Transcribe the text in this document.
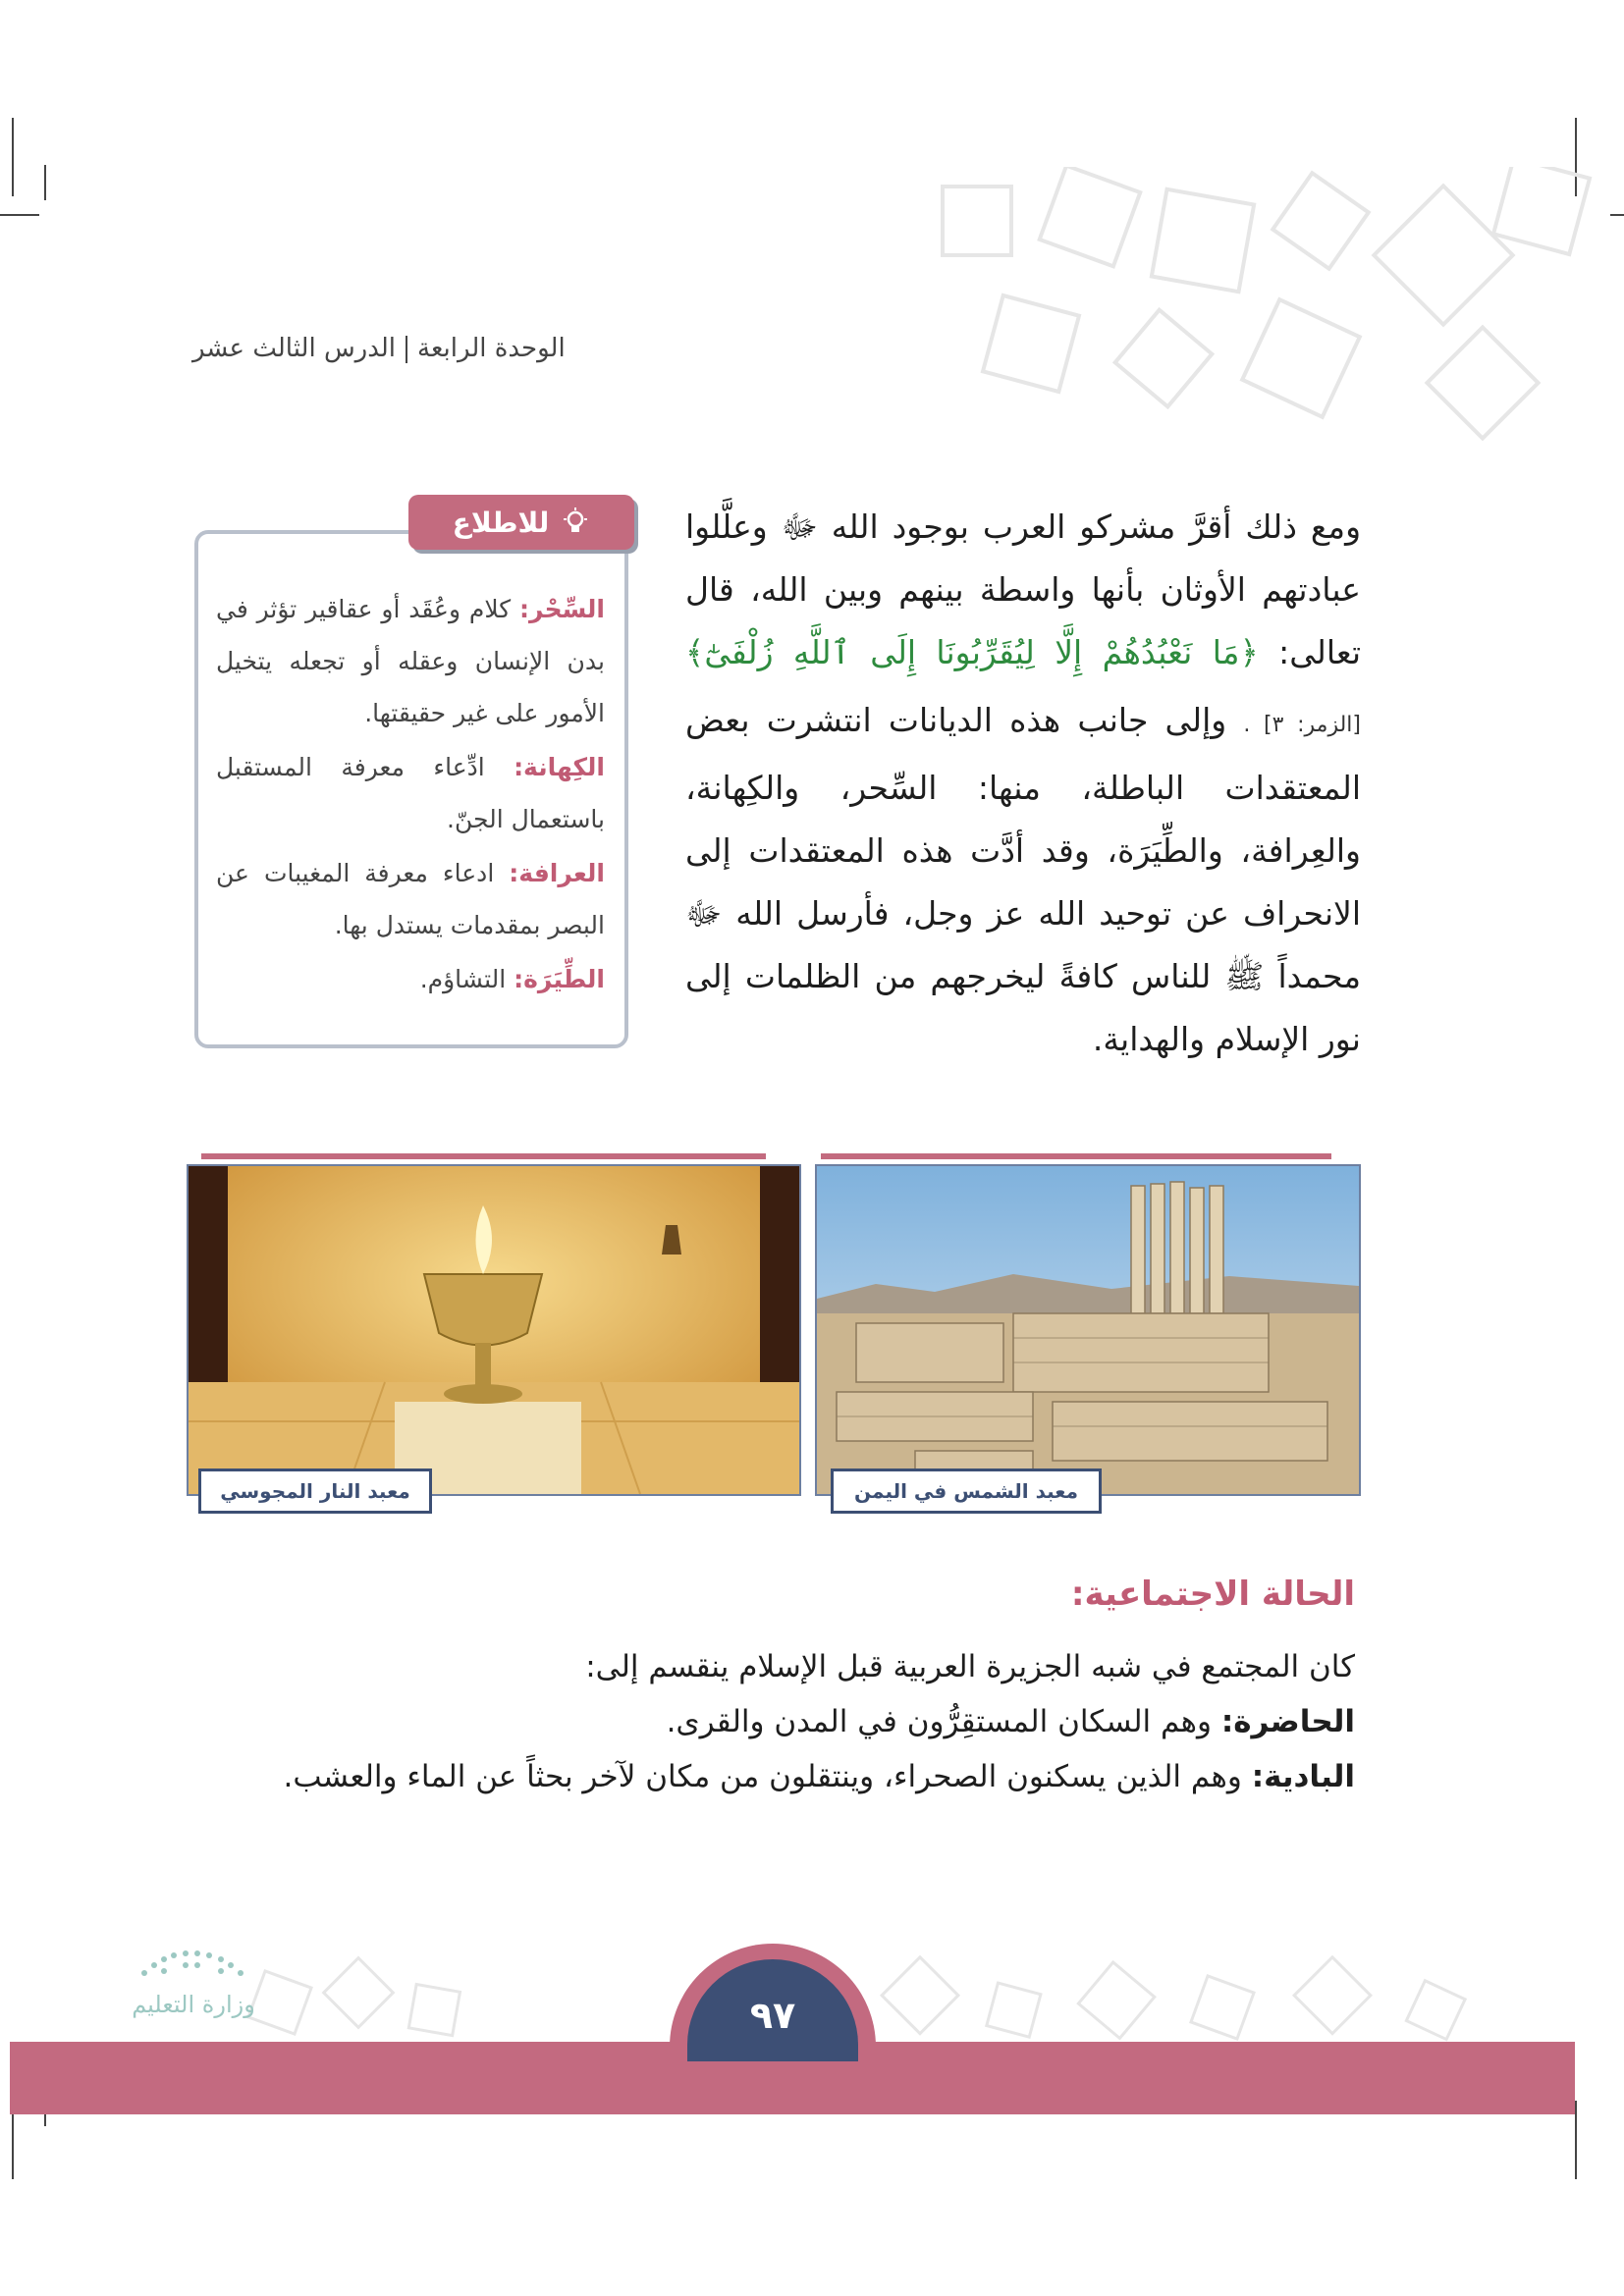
الوحدة الرابعةالدرس الثالث عشر
ومع ذلك أقرَّ مشركو العرب بوجود الله ﷻ وعلَّلوا عبادتهم الأوثان بأنها واسطة بينهم وبين الله، قال تعالى: ﴿مَا نَعْبُدُهُمْ إِلَّا لِيُقَرِّبُونَا إِلَى ٱللَّهِ زُلْفَىٰٓ﴾ [الزمر: ٣] . وإلى جانب هذه الديانات انتشرت بعض المعتقدات الباطلة، منها: السِّحر، والكِهانة، والعِرافة، والطِّيَرَة، وقد أدَّت هذه المعتقدات إلى الانحراف عن توحيد الله عز وجل، فأرسل الله ﷻ محمداً ﷺ للناس كافةً ليخرجهم من الظلمات إلى نور الإسلام والهداية.
للاطلاع

السِّحْر: كلام وعُقَد أو عقاقير تؤثر في بدن الإنسان وعقله أو تجعله يتخيل الأمور على غير حقيقتها.

الكِهانة: ادِّعاء معرفة المستقبل باستعمال الجنّ.

العرافة: ادعاء معرفة المغيبات عن البصر بمقدمات يستدل بها.

الطِّيَرَة: التشاؤم.

معبد الشمس في اليمن
معبد النار المجوسي
الحالة الاجتماعية:

كان المجتمع في شبه الجزيرة العربية قبل الإسلام ينقسم إلى:

الحاضرة: وهم السكان المستقِرُّون في المدن والقرى.

البادية: وهم الذين يسكنون الصحراء، وينتقلون من مكان لآخر بحثاً عن الماء والعشب.

وزارة التعليم	٩٧
